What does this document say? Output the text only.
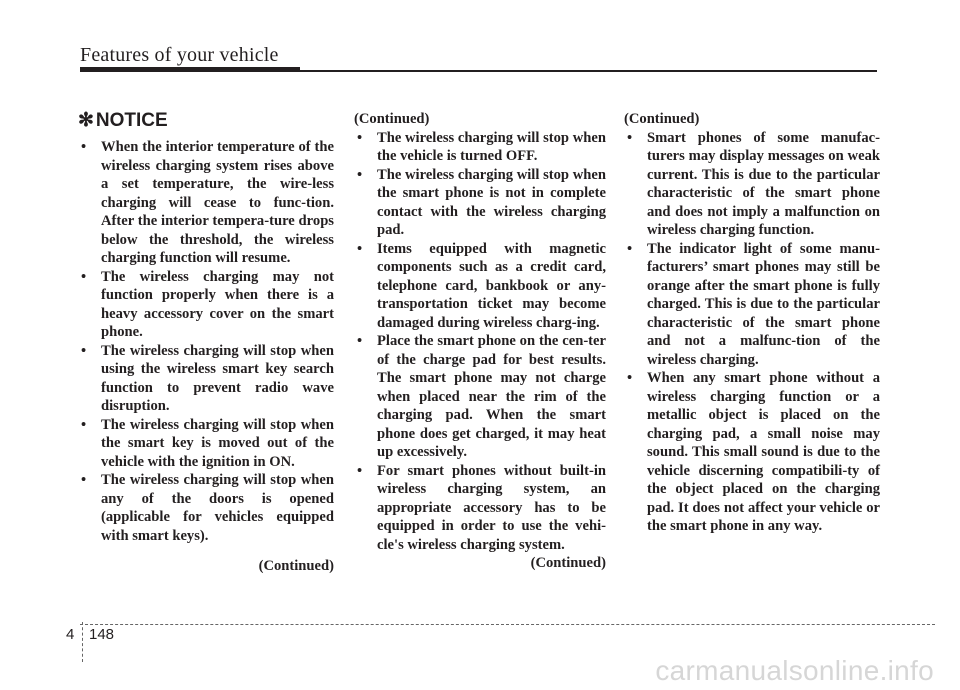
Features of your vehicle
✻ NOTICE
• When the interior temperature of the wireless charging system rises above a set temperature, the wire-less charging will cease to func-tion. After the interior tempera-ture drops below the threshold, the wireless charging function will resume.
• The wireless charging may not function properly when there is a heavy accessory cover on the smart phone.
• The wireless charging will stop when using the wireless smart key search function to prevent radio wave disruption.
• The wireless charging will stop when the smart key is moved out of the vehicle with the ignition in ON.
• The wireless charging will stop when any of the doors is opened (applicable for vehicles equipped with smart keys).
(Continued)
(Continued)
• The wireless charging will stop when the vehicle is turned OFF.
• The wireless charging will stop when the smart phone is not in complete contact with the wireless charging pad.
• Items equipped with magnetic components such as a credit card, telephone card, bankbook or any-transportation ticket may become damaged during wireless charg-ing.
• Place the smart phone on the cen-ter of the charge pad for best results. The smart phone may not charge when placed near the rim of the charging pad. When the smart phone does get charged, it may heat up excessively.
• For smart phones without built-in wireless charging system, an appropriate accessory has to be equipped in order to use the vehi-cle's wireless charging system.
(Continued)
(Continued)
• Smart phones of some manufac-turers may display messages on weak current. This is due to the particular characteristic of the smart phone and does not imply a malfunction on wireless charging function.
• The indicator light of some manu-facturers’ smart phones may still be orange after the smart phone is fully charged. This is due to the particular characteristic of the smart phone and not a malfunc-tion of the wireless charging.
• When any smart phone without a wireless charging function or a metallic object is placed on the charging pad, a small noise may sound. This small sound is due to the vehicle discerning compatibili-ty of the object placed on the charging pad. It does not affect your vehicle or the smart phone in any way.
4 148
carmanualsonline.info
